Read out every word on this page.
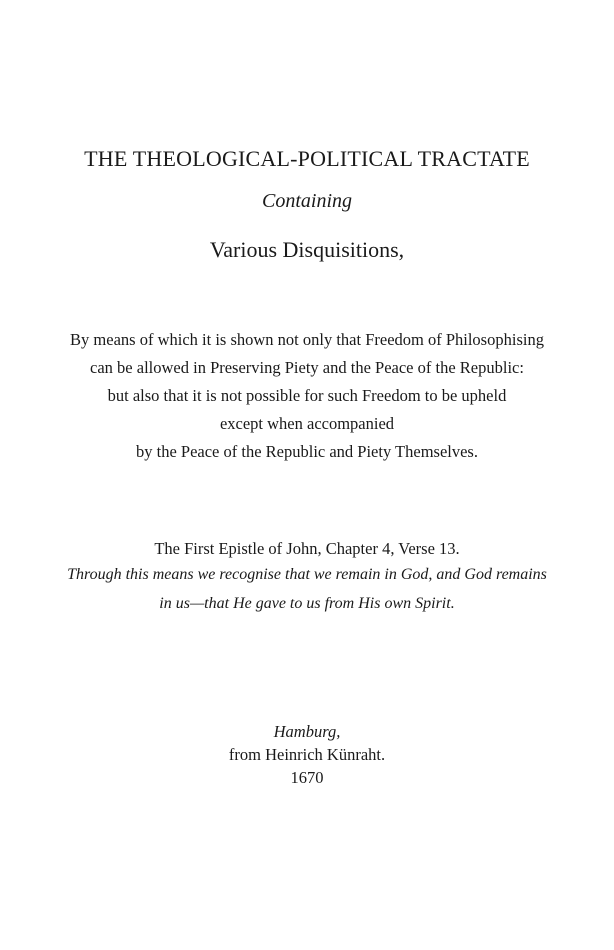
THE THEOLOGICAL-POLITICAL TRACTATE
Containing
Various Disquisitions,
By means of which it is shown not only that Freedom of Philosophising
can be allowed in Preserving Piety and the Peace of the Republic:
but also that it is not possible for such Freedom to be upheld
except when accompanied
by the Peace of the Republic and Piety Themselves.
The First Epistle of John, Chapter 4, Verse 13.
Through this means we recognise that we remain in God, and God remains
in us—that He gave to us from His own Spirit.
Hamburg,
from Heinrich Künraht.
1670
